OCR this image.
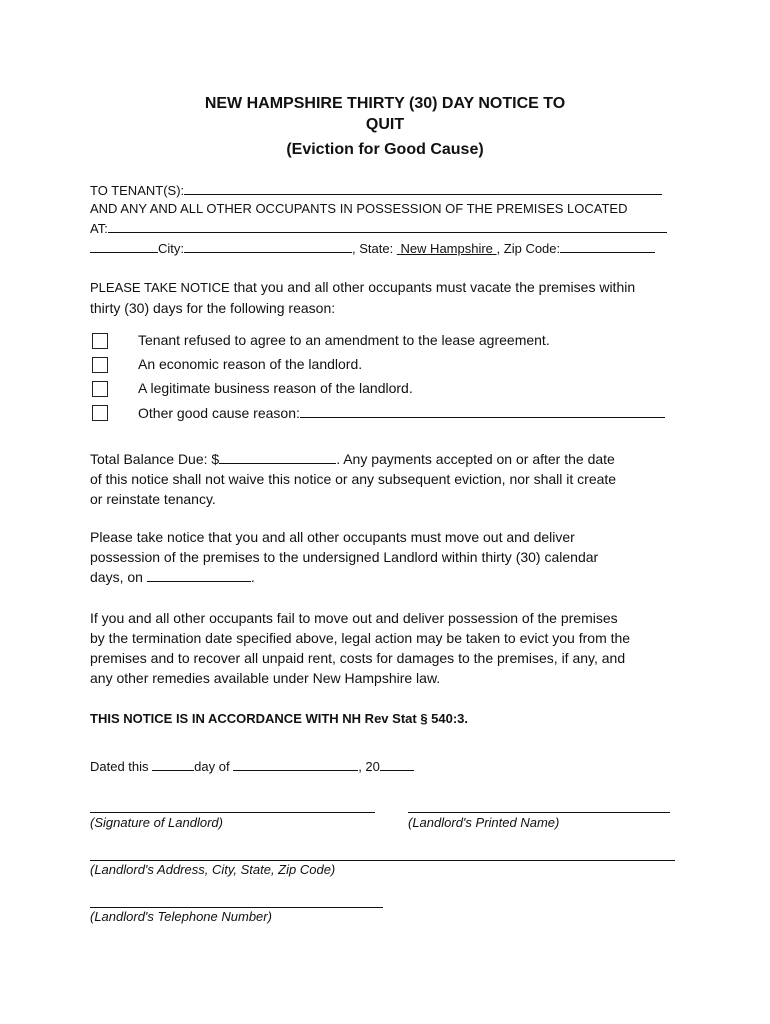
NEW HAMPSHIRE THIRTY (30) DAY NOTICE TO
QUIT
(Eviction for Good Cause)
TO TENANT(S):
AND ANY AND ALL OTHER OCCUPANTS IN POSSESSION OF THE PREMISES LOCATED
AT:
City:	, State:  New Hampshire , Zip Code:
PLEASE TAKE NOTICE that you and all other occupants must vacate the premises within
thirty (30) days for the following reason:
Tenant refused to agree to an amendment to the lease agreement.
An economic reason of the landlord.
A legitimate business reason of the landlord.
Other good cause reason:
Total Balance Due: $	. Any payments accepted on or after the date
of this notice shall not waive this notice or any subsequent eviction, nor shall it create
or reinstate tenancy.
Please take notice that you and all other occupants must move out and deliver
possession of the premises to the undersigned Landlord within thirty (30) calendar
days, on	.
If you and all other occupants fail to move out and deliver possession of the premises
by the termination date specified above, legal action may be taken to evict you from the
premises and to recover all unpaid rent, costs for damages to the premises, if any, and
any other remedies available under New Hampshire law.
THIS NOTICE IS IN ACCORDANCE WITH NH Rev Stat § 540:3.
Dated this	day of	, 20
(Signature of Landlord)	(Landlord's Printed Name)
(Landlord's Address, City, State, Zip Code)
(Landlord's Telephone Number)
